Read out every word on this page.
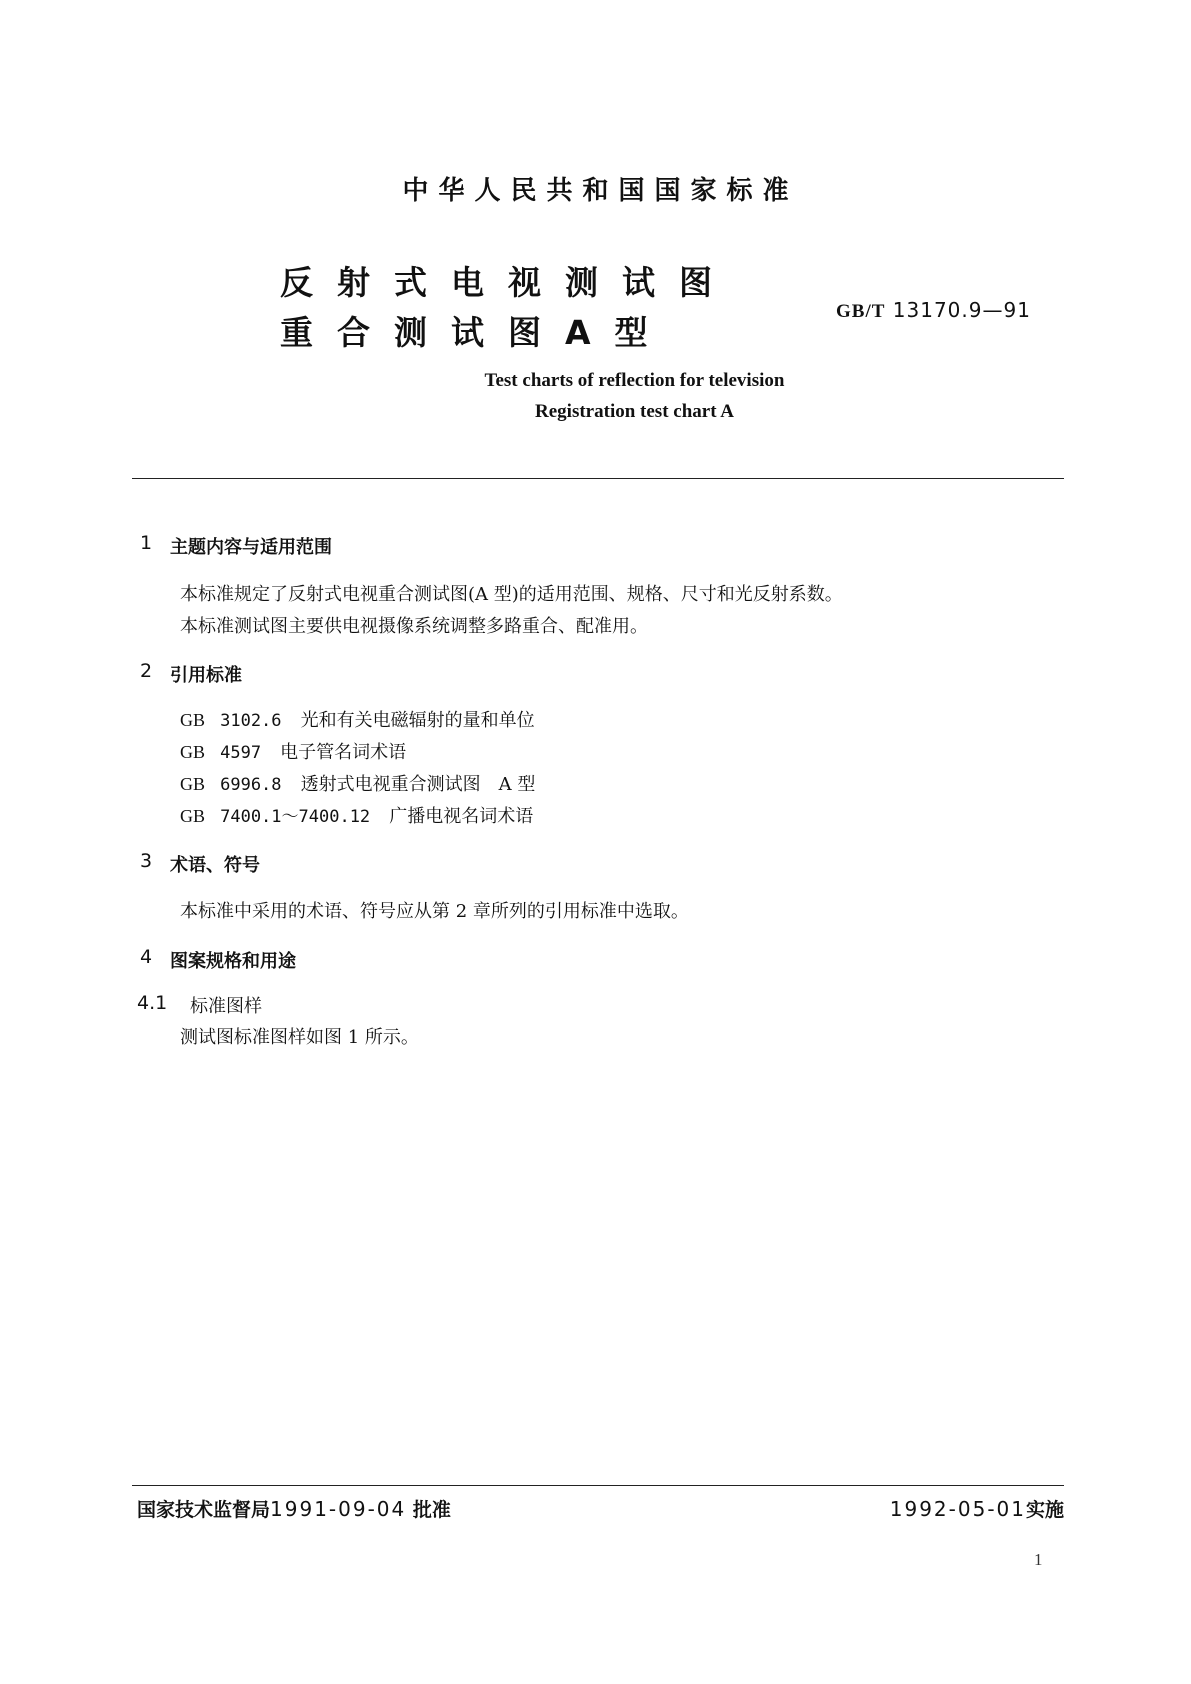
中华人民共和国国家标准
反射式电视测试图
重合测试图A型
GB/T 13170.9—91
Test charts of reflection for television
Registration test chart A
1 主题内容与适用范围
本标准规定了反射式电视重合测试图(A 型)的适用范围、规格、尺寸和光反射系数。
本标准测试图主要供电视摄像系统调整多路重合、配准用。
2 引用标准
GB 3102.6 光和有关电磁辐射的量和单位
GB 4597 电子管名词术语
GB 6996.8 透射式电视重合测试图　A 型
GB 7400.1～7400.12 广播电视名词术语
3 术语、符号
本标准中采用的术语、符号应从第 2 章所列的引用标准中选取。
4 图案规格和用途
4.1 标准图样
测试图标准图样如图 1 所示。
国家技术监督局1991-09-04 批准	1992-05-01实施
1
